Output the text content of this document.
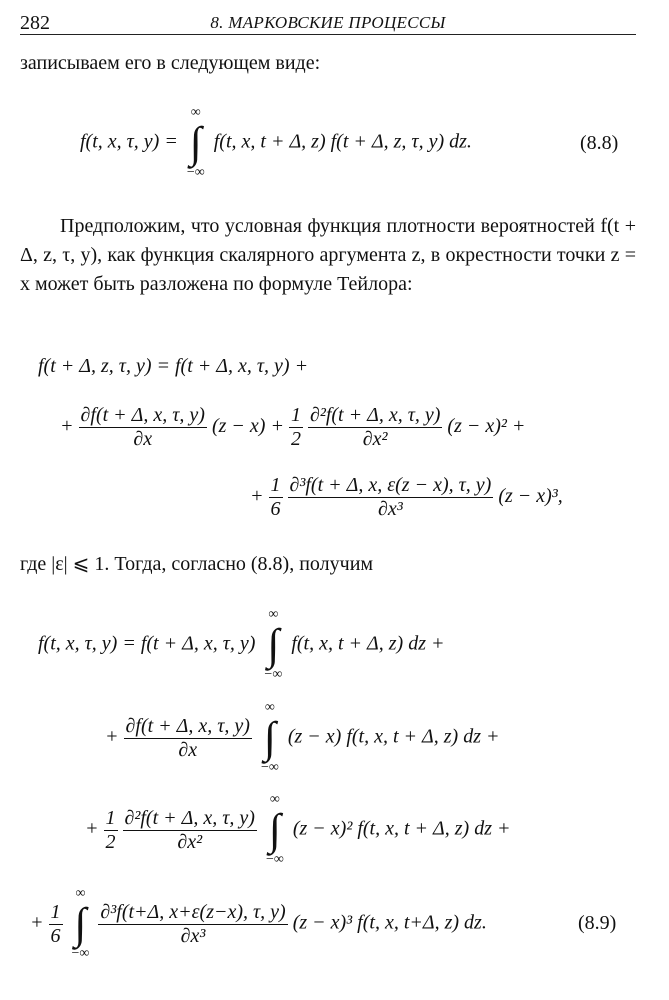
282	8. МАРКОВСКИЕ ПРОЦЕССЫ
записываем его в следующем виде:
f(t, x, τ, y) =
∞
∫
−∞
f(t, x, t + Δ, z) f(t + Δ, z, τ, y) dz.	(8.8)
Предположим, что условная функция плотности вероятностей f(t + Δ, z, τ, y), как функция скалярного аргумента z, в окрестности точки z = x может быть разложена по формуле Тейлора:
f(t + Δ, z, τ, y) = f(t + Δ, x, τ, y) +
+ $\frac{\partial f(t + \Delta, x, \tau, y)}{\partial x} (z - x) + \frac{1}{2}$
$\frac{\text{∂²f(t + Δ, x, τ, y)}}{\text{∂x²}} (z - x)^2$ +
+ $\frac{1}{6}$
$\frac{\text{∂³f(t + Δ, x, ε(z − x), τ, y)}}{\text{∂x³}} (z - x)^3$,
где |ε| ⩽ 1. Тогда, согласно (8.8), получим
f(t, x, τ, y) = f(t + Δ, x, τ, y)
∞
∫
−∞
f(t, x, t + Δ, z) dz +
+ $\frac{\partial f(t + \Delta, x, \tau, y)}{\partial x}$

∞
∫
−∞
(z − x) f(t, x, t + Δ, z) dz +
+ $\frac{1}{2}$
$\frac{\text{∂²f(t + Δ, x, τ, y)}}{\text{∂x²}}$

∞
∫
−∞
(z − x)² f(t, x, t + Δ, z) dz +
+ $\frac{1}{6}$

∞
∫
−∞

$\frac{\text{∂³f(t+Δ, x+ε(z−x), τ, y)}}{\text{∂x³}} (z - x)^3$ f(t, x, t+Δ, z) dz.	(8.9)
